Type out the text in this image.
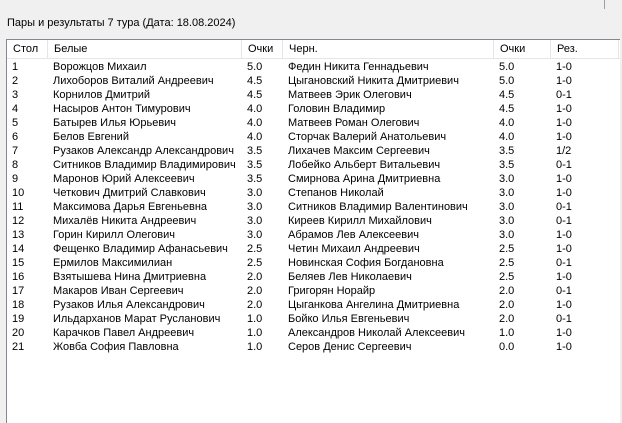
Пары и результаты 7 тура (Дата: 18.08.2024)
Стол	Белые	Очки	Черн.	Очки	Рез.
1	Ворожцов Михаил	5.0	Федин Никита Геннадьевич	5.0	1-0
2	Лихоборов Виталий Андреевич	4.5	Цыгановский Никита Дмитриевич	5.0	1-0
3	Корнилов Дмитрий	4.5	Матвеев Эрик Олегович	4.5	0-1
4	Насыров Антон Тимурович	4.0	Головин Владимир	4.5	1-0
5	Батырев Илья Юрьевич	4.0	Матвеев Роман Олегович	4.0	1-0
6	Белов Евгений	4.0	Сторчак Валерий Анатольевич	4.0	1-0
7	Рузаков Александр Александрович	3.5	Лихачев Максим Сергеевич	3.5	1/2
8	Ситников Владимир Владимирович	3.5	Лобейко Альберт Витальевич	3.5	0-1
9	Маронов Юрий Алексеевич	3.5	Смирнова Арина Дмитриевна	3.0	1-0
10	Четкович Дмитрий Славкович	3.0	Степанов Николай	3.0	1-0
11	Максимова Дарья Евгеньевна	3.0	Ситников Владимир Валентинович	3.0	0-1
12	Михалёв Никита Андреевич	3.0	Киреев Кирилл Михайлович	3.0	0-1
13	Горин Кирилл Олегович	3.0	Абрамов Лев Алексеевич	3.0	1-0
14	Фещенко Владимир Афанасьевич	2.5	Четин Михаил Андреевич	2.5	1-0
15	Ермилов Максимилиан	2.5	Новинская София Богдановна	2.5	0-1
16	Взятышева Нина Дмитриевна	2.0	Беляев Лев Николаевич	2.5	1-0
17	Макаров Иван Сергеевич	2.0	Григорян Норайр	2.0	0-1
18	Рузаков Илья Александрович	2.0	Цыганкова Ангелина Дмитриевна	2.0	1-0
19	Ильдарханов Марат Русланович	1.0	Бойко Илья Евгеньевич	2.0	0-1
20	Карачков Павел Андреевич	1.0	Александров Николай Алексеевич	1.0	1-0
21	Жовба София Павловна	1.0	Серов Денис Сергеевич	0.0	1-0
